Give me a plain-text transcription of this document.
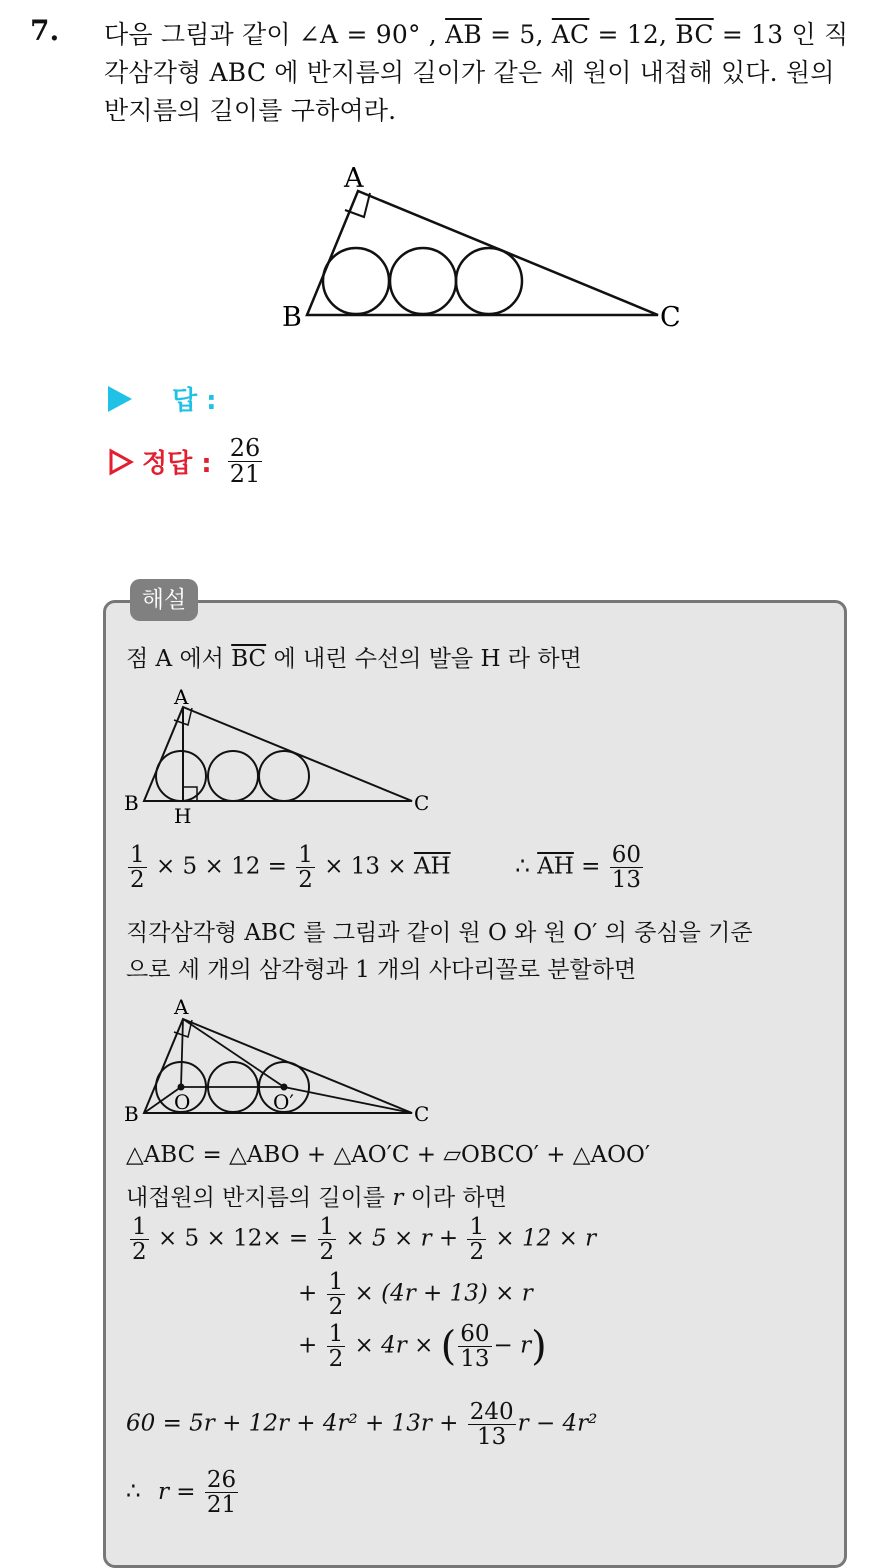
7. 다음 그림과 같이 ∠A = 90° , $\overline{AB} = 5$, $\overline{AC} = 12$, $\overline{BC} = 13$ 인 직
각삼각형 ABC 에 반지름의 길이가 같은 세 원이 내접해 있다. 원의
반지름의 길이를 구하여라.
A
B	C
답 :
정답 : $\frac{26}{21}$
해설
점 A 에서 $\overline{BC}$ 에 내린 수선의 발을 H 라 하면
A
B	C
H
$\frac{1}{2} \times 5 \times 12 = \frac{1}{2} \times 13 \times \overline{AH}$	∴ $\overline{AH} = \frac{60}{13}$
직각삼각형 ABC 를 그림과 같이 원 O 와 원 O′ 의 중심을 기준
으로 세 개의 삼각형과 1 개의 사다리꼴로 분할하면
A
B	C
O	O′
△ABC = △ABO + △AO′C + ▱OBCO′ + △AOO′
내접원의 반지름의 길이를 r 이라 하면
$\frac{1}{2} \times 5 \times 12\times = \frac{1}{2} \times 5 \times r + \frac{1}{2} \times 12 \times r$
+ $\frac{1}{2} \times (4r + 13) \times r$
+ $\frac{1}{2} \times 4r$ × ( $\frac{60}{13} - r$)
$60 = 5r + 12r + 4r^2 + 13r + \frac{240}{13}$ r − 4r²
∴ $r = \frac{26}{21}$
